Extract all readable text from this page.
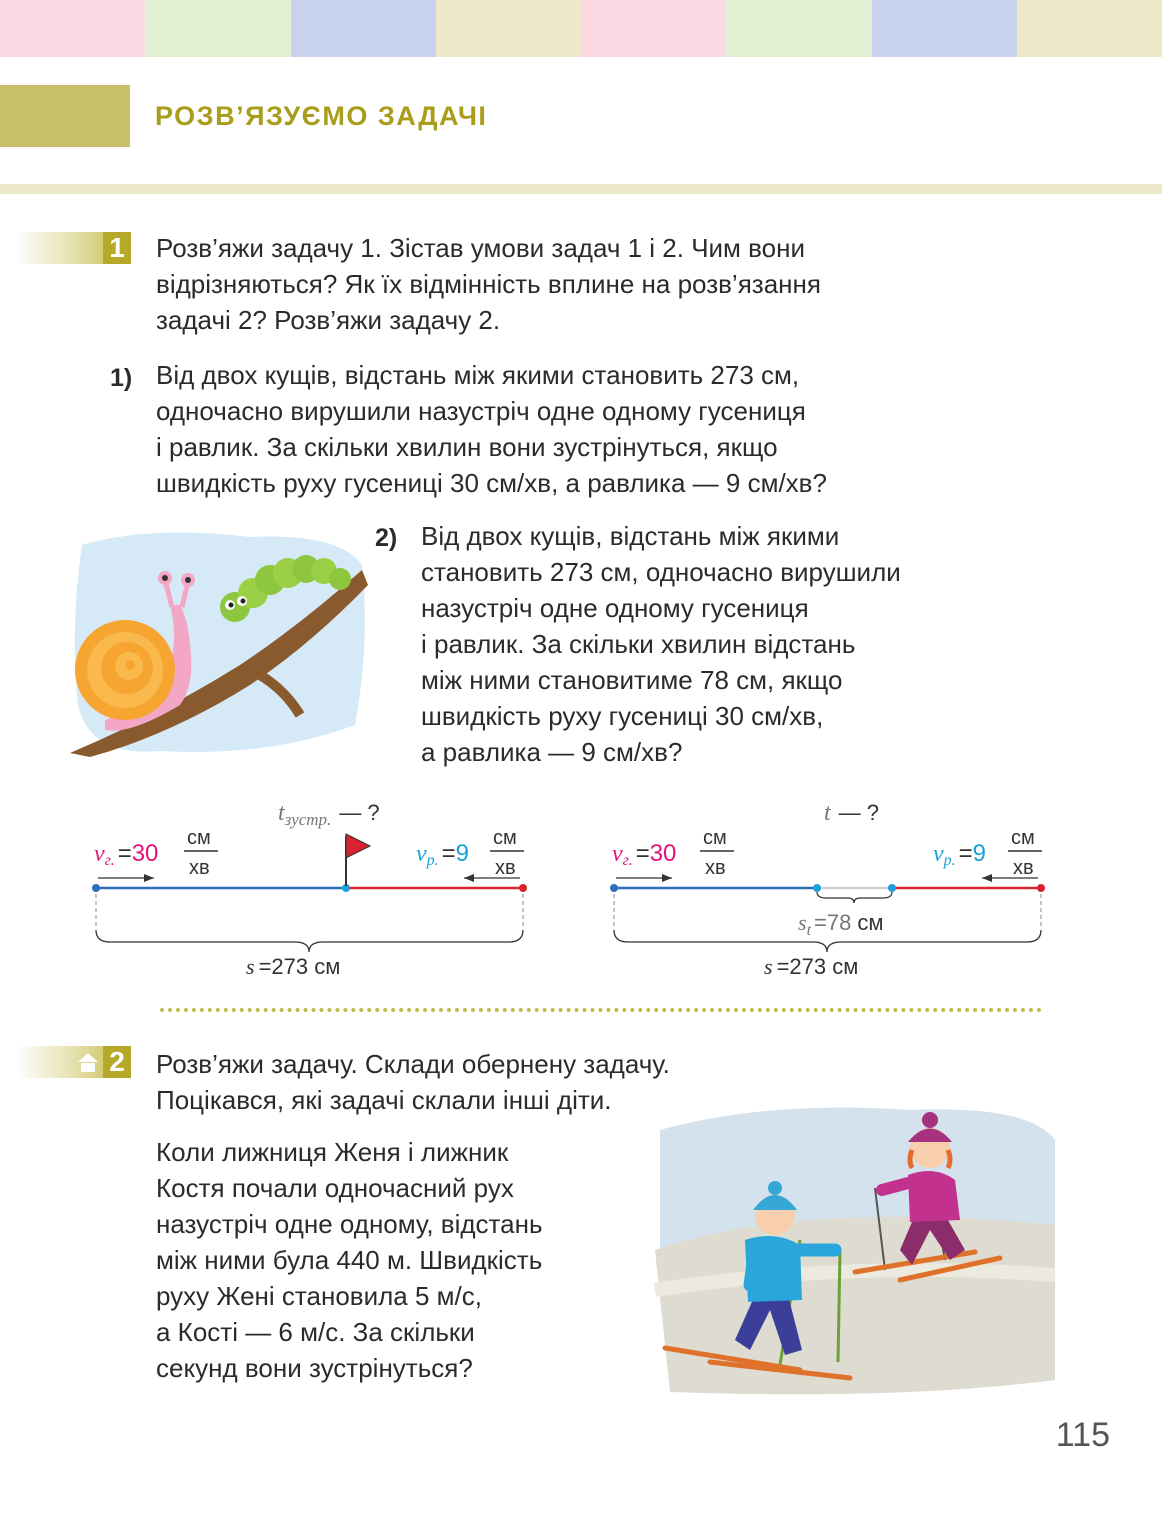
РОЗВ’ЯЗУЄМО ЗАДАЧІ
1 Розв’яжи задачу 1. Зістав умови задач 1 і 2. Чим вони

відрізняються? Як їх відмінність вплине на розв’язання

задачі 2? Розв’яжи задачу 2.

1) Від двох кущів, відстань між якими становить 273 см,

одночасно вирушили назустріч одне одному гусениця

і равлик. За скільки хвилин вони зустрінуться, якщо

швидкість руху гусениці 30 см/хв, а равлика — 9 см/хв?

2) Від двох кущів, відстань між якими

становить 273 см, одночасно вирушили

назустріч одне одному гусениця

і равлик. За скільки хвилин відстань

між ними становитиме 78 см, якщо

швидкість руху гусениці 30 см/хв,

а равлика — 9 см/хв?

$t_{зустр.}$ — ?
vг. =30
см
хв
vр. =9
см
хв
s =273 см
t — ?
vг. =30
см
хв
vр. =9
см
хв
$s_t =78$ см
s =273 см
2 Розв’яжи задачу. Склади обернену задачу.

Поцікався, які задачі склали інші діти.

Коли лижниця Женя і лижник

Костя почали одночасний рух

назустріч одне одному, відстань

між ними була 440 м. Швидкість

руху Жені становила 5 м/с,

а Кості — 6 м/с. За скільки

секунд вони зустрінуться?

115
